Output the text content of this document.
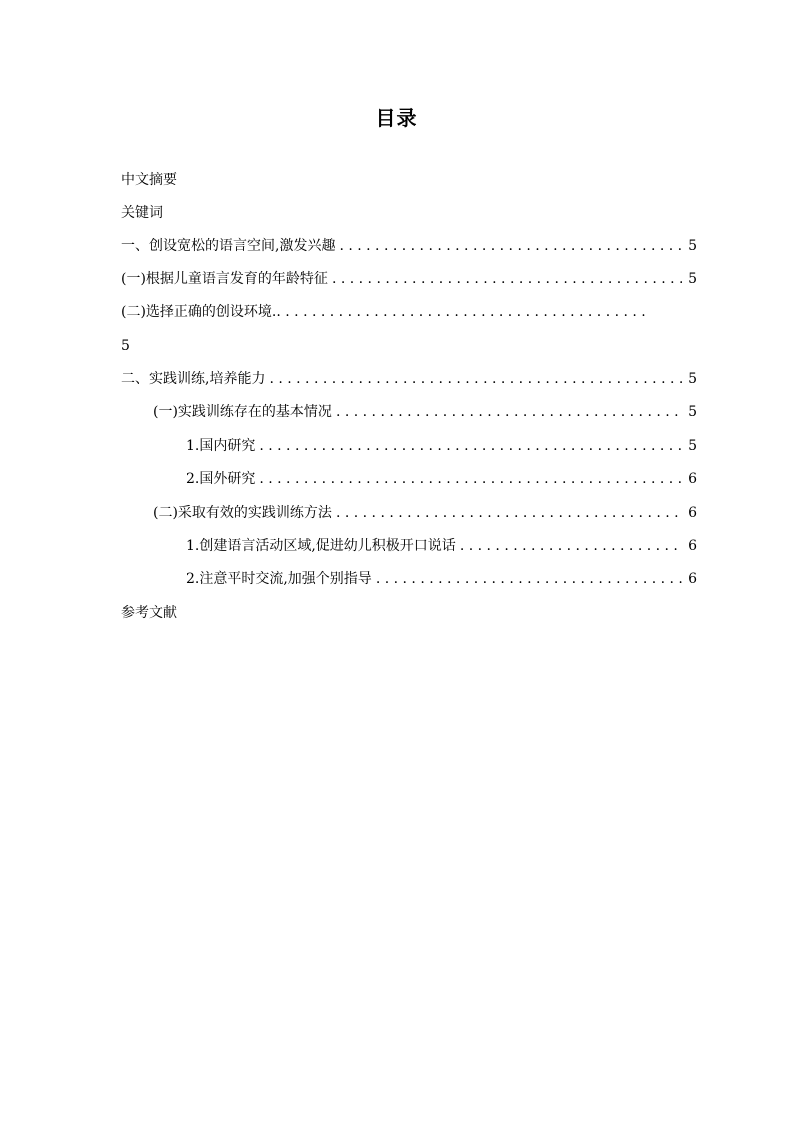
目录
中文摘要
关键词
一、创设宽松的语言空间,激发兴趣 . . .	5
(一)根据儿童语言发育的年龄特征 . . .	5
(二)选择正确的创设环境.. . .
5
二、实践训练,培养能力 . . .	5
(一)实践训练存在的基本情况 . . .	5
1.国内研究 . . .	5
2.国外研究 . . .	6
(二)采取有效的实践训练方法 . . .	6
1.创建语言活动区域,促进幼儿积极开口说话 . . .	6
2.注意平时交流,加强个别指导 . . .	6
参考文献
